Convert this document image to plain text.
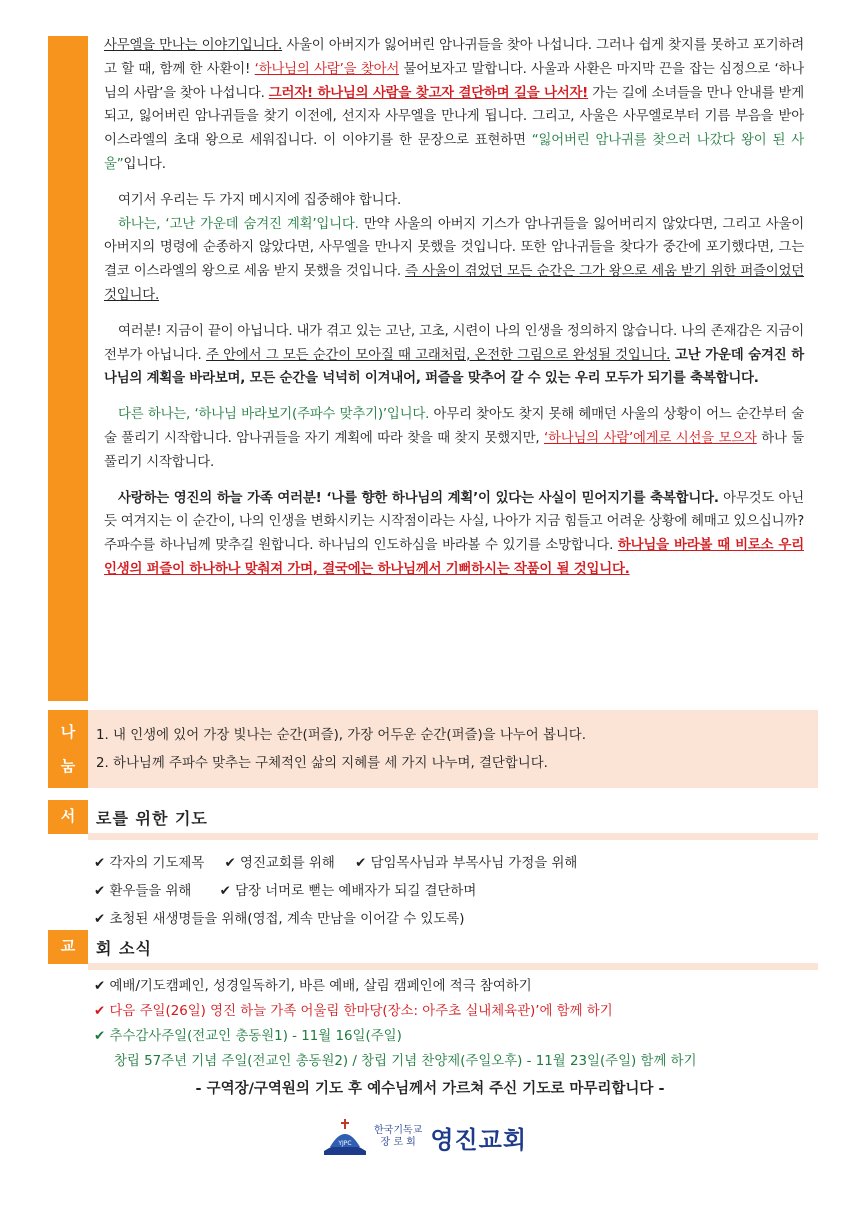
사무엘을 만나는 이야기입니다. 사울이 아버지가 잃어버린 암나귀들을 찾아 나섭니다. 그러나 쉽게 찾지를 못하고 포기하려고 할 때, 함께 한 사환이! ‘하나님의 사람’을 찾아서 물어보자고 말합니다. 사울과 사환은 마지막 끈을 잡는 심정으로 ‘하나님의 사람’을 찾아 나섭니다. 그러자! 하나님의 사람을 찾고자 결단하며 길을 나서자! 가는 길에 소녀들을 만나 안내를 받게 되고, 잃어버린 암나귀들을 찾기 이전에, 선지자 사무엘을 만나게 됩니다. 그리고, 사울은 사무엘로부터 기름 부음을 받아 이스라엘의 초대 왕으로 세워집니다. 이 이야기를 한 문장으로 표현하면 “잃어버린 암나귀를 찾으러 나갔다 왕이 된 사울”입니다.

여기서 우리는 두 가지 메시지에 집중해야 합니다.

하나는, ‘고난 가운데 숨겨진 계획’입니다. 만약 사울의 아버지 기스가 암나귀들을 잃어버리지 않았다면, 그리고 사울이 아버지의 명령에 순종하지 않았다면, 사무엘을 만나지 못했을 것입니다. 또한 암나귀들을 찾다가 중간에 포기했다면, 그는 결코 이스라엘의 왕으로 세움 받지 못했을 것입니다. 즉 사울이 겪었던 모든 순간은 그가 왕으로 세움 받기 위한 퍼즐이었던 것입니다.

여러분! 지금이 끝이 아닙니다. 내가 겪고 있는 고난, 고초, 시련이 나의 인생을 정의하지 않습니다. 나의 존재감은 지금이 전부가 아닙니다. 주 안에서 그 모든 순간이 모아질 때 고래처럼, 온전한 그림으로 완성될 것입니다. 고난 가운데 숨겨진 하나님의 계획을 바라보며, 모든 순간을 넉넉히 이겨내어, 퍼즐을 맞추어 갈 수 있는 우리 모두가 되기를 축복합니다.

다른 하나는, ‘하나님 바라보기(주파수 맞추기)’입니다. 아무리 찾아도 찾지 못해 헤매던 사울의 상황이 어느 순간부터 술술 풀리기 시작합니다. 암나귀들을 자기 계획에 따라 찾을 때 찾지 못했지만, ‘하나님의 사람’에게로 시선을 모으자 하나 둘 풀리기 시작합니다.

사랑하는 영진의 하늘 가족 여러분! ‘나를 향한 하나님의 계획’이 있다는 사실이 믿어지기를 축복합니다. 아무것도 아닌 듯 여겨지는 이 순간이, 나의 인생을 변화시키는 시작점이라는 사실, 나아가 지금 힘들고 어려운 상황에 헤매고 있으십니까? 주파수를 하나님께 맞추길 원합니다. 하나님의 인도하심을 바라볼 수 있기를 소망합니다. 하나님을 바라볼 때 비로소 우리 인생의 퍼즐이 하나하나 맞춰져 가며, 결국에는 하나님께서 기뻐하시는 작품이 될 것입니다.

나
눔
1. 내 인생에 있어 가장 빛나는 순간(퍼즐), 가장 어두운 순간(퍼즐)을 나누어 봅니다.
2. 하나님께 주파수 맞추는 구체적인 삶의 지혜를 세 가지 나누며, 결단합니다.
서	로를 위한 기도
✔ 각자의 기도제목 ✔ 영진교회를 위해 ✔ 담임목사님과 부목사님 가정을 위해
✔ 환우들을 위해 ✔ 담장 너머로 뻗는 예배자가 되길 결단하며
✔ 초청된 새생명들을 위해(영접, 계속 만남을 이어갈 수 있도록)
교	회 소식
✔ 예배/기도캠페인, 성경일독하기, 바른 예배, 살림 캠페인에 적극 참여하기
✔ 다음 주일(26일) 영진 하늘 가족 어울림 한마당(장소: 아주초 실내체육관)’에 함께 하기
✔ 추수감사주일(전교인 총동원1) - 11월 16일(주일)
창립 57주년 기념 주일(전교인 총동원2) / 창립 기념 찬양제(주일오후) - 11월 23일(주일) 함께 하기
- 구역장/구역원의 기도 후 예수님께서 가르쳐 주신 기도로 마무리합니다 -
YJPC
한국기독교
장 로 회 영진교회
